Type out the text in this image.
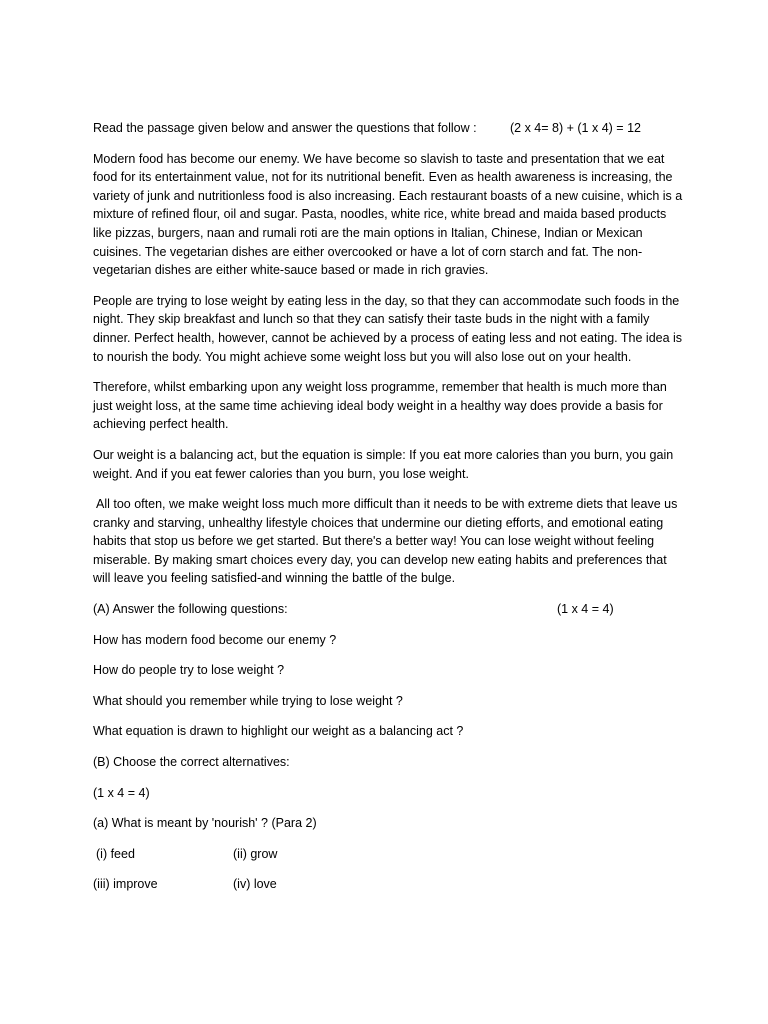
Read the passage given below and answer the questions that follow :	(2 x 4= 8) + (1 x 4) = 12

Modern food has become our enemy. We have become so slavish to taste and presentation that we eat food for its entertainment value, not for its nutritional benefit. Even as health awareness is increasing, the variety of junk and nutritionless food is also increasing. Each restaurant boasts of a new cuisine, which is a mixture of refined flour, oil and sugar. Pasta, noodles, white rice, white bread and maida based products like pizzas, burgers, naan and rumali roti are the main options in Italian, Chinese, Indian or Mexican cuisines. The vegetarian dishes are either overcooked or have a lot of corn starch and fat. The non-vegetarian dishes are either white-sauce based or made in rich gravies.

People are trying to lose weight by eating less in the day, so that they can accommodate such foods in the night. They skip breakfast and lunch so that they can satisfy their taste buds in the night with a family dinner. Perfect health, however, cannot be achieved by a process of eating less and not eating. The idea is to nourish the body. You might achieve some weight loss but you will also lose out on your health.

Therefore, whilst embarking upon any weight loss programme, remember that health is much more than just weight loss, at the same time achieving ideal body weight in a healthy way does provide a basis for achieving perfect health.

Our weight is a balancing act, but the equation is simple: If you eat more calories than you burn, you gain weight. And if you eat fewer calories than you burn, you lose weight.

All too often, we make weight loss much more difficult than it needs to be with extreme diets that leave us cranky and starving, unhealthy lifestyle choices that undermine our dieting efforts, and emotional eating habits that stop us before we get started. But there's a better way! You can lose weight without feeling miserable. By making smart choices every day, you can develop new eating habits and preferences that will leave you feeling satisfied-and winning the battle of the bulge.

(A) Answer the following questions:	(1 x 4 = 4)
How has modern food become our enemy ?
How do people try to lose weight ?
What should you remember while trying to lose weight ?
What equation is drawn to highlight our weight as a balancing act ?
(B) Choose the correct alternatives:
(1 x 4 = 4)
(a) What is meant by 'nourish' ? (Para 2)
(i) feed	(ii) grow
(iii) improve	(iv) love
